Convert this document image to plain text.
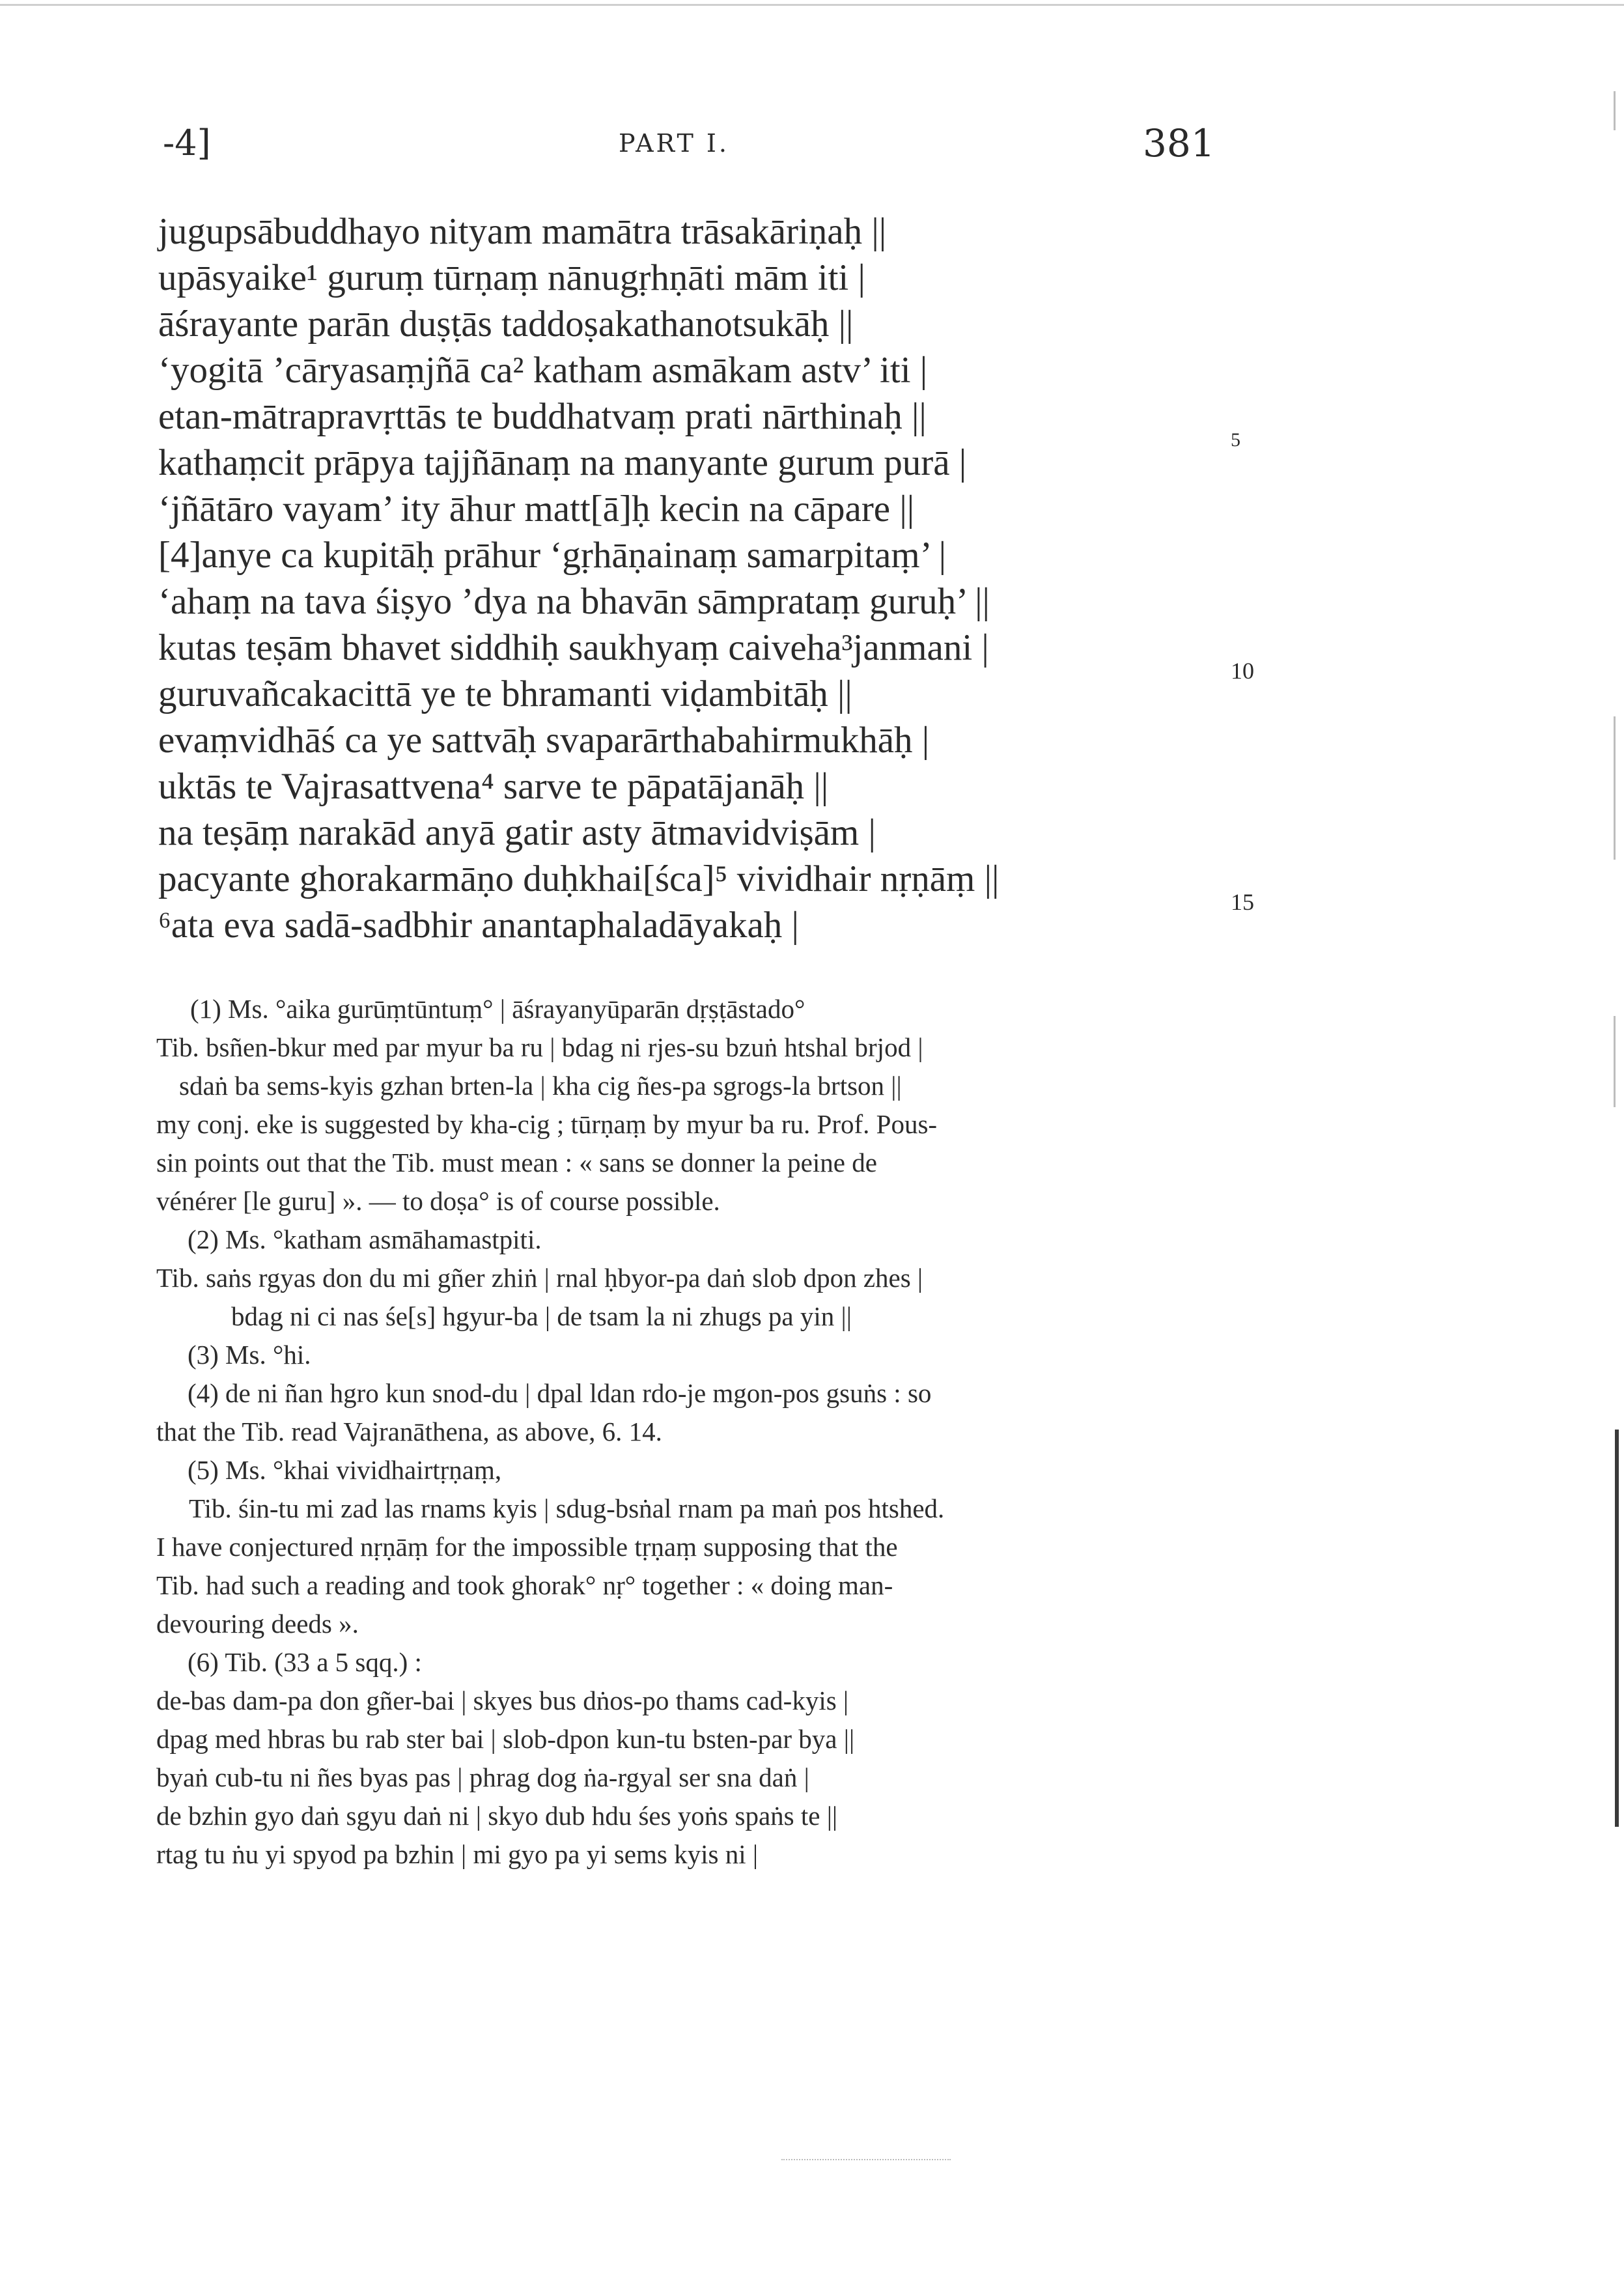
-4]	PART I.	381
jugupsābuddhayo nityam mamātra trāsakāriṇaḥ ||
upāsyaike¹ guruṃ tūrṇaṃ nānugṛhṇāti mām iti |
āśrayante parān duṣṭās taddoṣakathanotsukāḥ ||
‘yogitā ’cāryasaṃjñā ca² katham asmākam astv’ iti |
etan-mātrapravṛttās te buddhatvaṃ prati nārthinaḥ ||
kathaṃcit prāpya tajjñānaṃ na manyante gurum purā |
‘jñātāro vayam’ ity āhur matt[ā]ḥ kecin na cāpare ||
[4]anye ca kupitāḥ prāhur ‘gṛhāṇainaṃ samarpitaṃ’ |
‘ahaṃ na tava śiṣyo ’dya na bhavān sāmprataṃ guruḥ’ ||
kutas teṣām bhavet siddhiḥ saukhyaṃ caiveha³janmani |
guruvañcakacittā ye te bhramanti viḍambitāḥ ||
evaṃvidhāś ca ye sattvāḥ svaparārthabahirmukhāḥ |
uktās te Vajrasattvena⁴ sarve te pāpatājanāḥ ||
na teṣāṃ narakād anyā gatir asty ātmavidviṣām |
pacyante ghorakarmāṇo duḥkhai[śca]⁵ vividhair nṛṇāṃ ||
⁶ata eva sadā-sadbhir anantaphaladāyakaḥ |
5
10
15
(1) Ms. °aika gurūṃtūntuṃ° | āśrayanyūparān dṛṣṭāstado°
Tib. bsñen-bkur med par myur ba ru | bdag ni rjes-su bzuṅ htshal brjod |
sdaṅ ba sems-kyis gzhan brten-la | kha cig ñes-pa sgrogs-la brtson ||
my conj. eke is suggested by kha-cig ; tūrṇaṃ by myur ba ru. Prof. Pous-
sin points out that the Tib. must mean : « sans se donner la peine de
vénérer [le guru] ». — to doṣa° is of course possible.
(2) Ms. °katham asmāhamastpiti.
Tib. saṅs rgyas don du mi gñer zhiṅ | rnal ḥbyor-pa daṅ slob dpon zhes |
bdag ni ci nas śe[s] hgyur-ba | de tsam la ni zhugs pa yin ||
(3) Ms. °hi.
(4) de ni ñan hgro kun snod-du | dpal ldan rdo-je mgon-pos gsuṅs : so
that the Tib. read Vajranāthena, as above, 6. 14.
(5) Ms. °khai vividhairtṛṇaṃ,
Tib. śin-tu mi zad las rnams kyis | sdug-bsṅal rnam pa maṅ pos htshed.
I have conjectured nṛṇāṃ for the impossible tṛṇaṃ supposing that the
Tib. had such a reading and took ghorak° nṛ° together : « doing man-
devouring deeds ».
(6) Tib. (33 a 5 sqq.) :
de-bas dam-pa don gñer-bai | skyes bus dṅos-po thams cad-kyis |
dpag med hbras bu rab ster bai | slob-dpon kun-tu bsten-par bya ||
byaṅ cub-tu ni ñes byas pas | phrag dog ṅa-rgyal ser sna daṅ |
de bzhin gyo daṅ sgyu daṅ ni | skyo dub hdu śes yoṅs spaṅs te ||
rtag tu ṅu yi spyod pa bzhin | mi gyo pa yi sems kyis ni |
